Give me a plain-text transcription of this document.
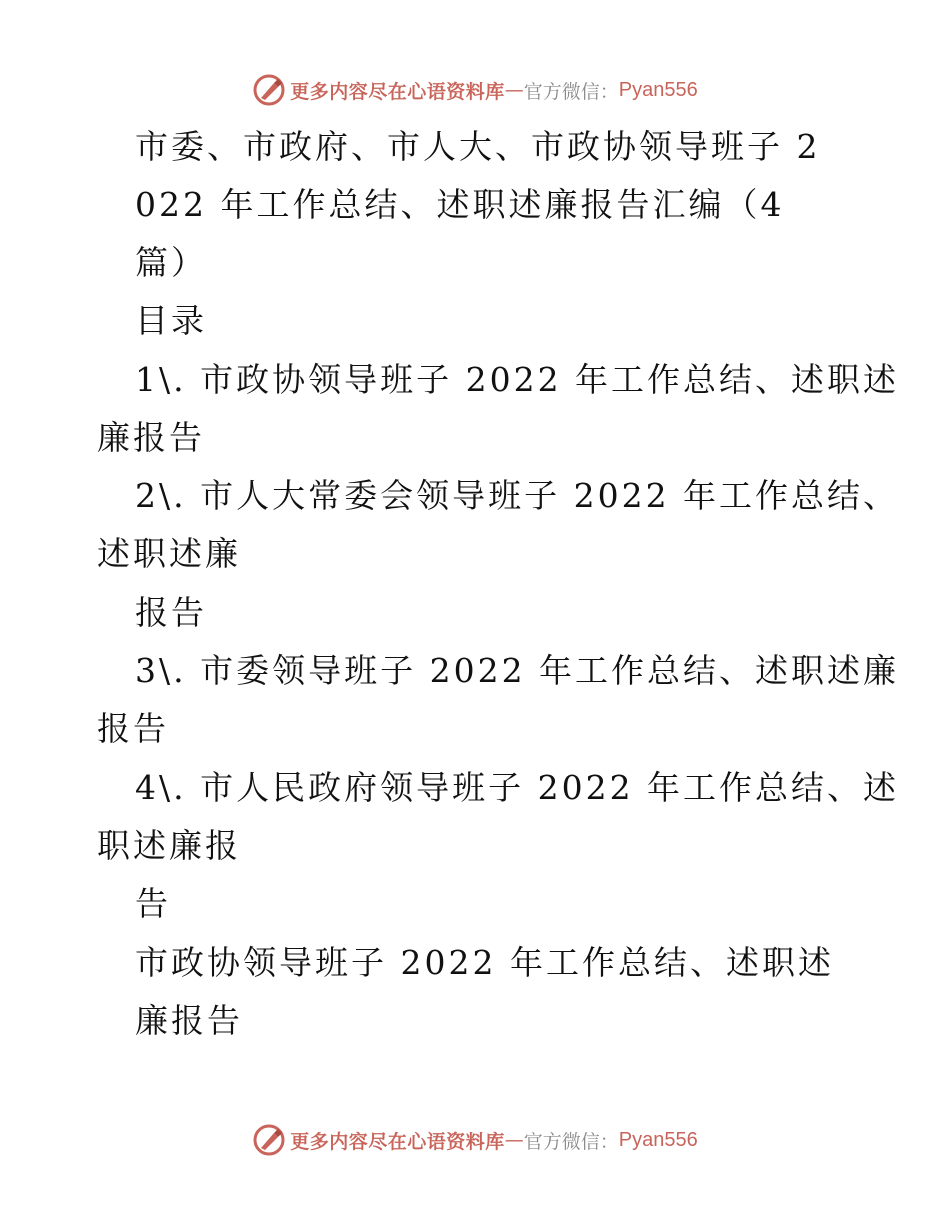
更多内容尽在心语资料库 — 官方微信： Pyan556
市委、市政府、市人大、市政协领导班子 2
022 年工作总结、述职述廉报告汇编（4
篇）
目录
1\. 市政协领导班子 2022 年工作总结、述职述
廉报告
2\. 市人大常委会领导班子 2022 年工作总结、
述职述廉
报告
3\. 市委领导班子 2022 年工作总结、述职述廉
报告
4\. 市人民政府领导班子 2022 年工作总结、述
职述廉报
告
市政协领导班子 2022 年工作总结、述职述
廉报告
更多内容尽在心语资料库 — 官方微信： Pyan556
